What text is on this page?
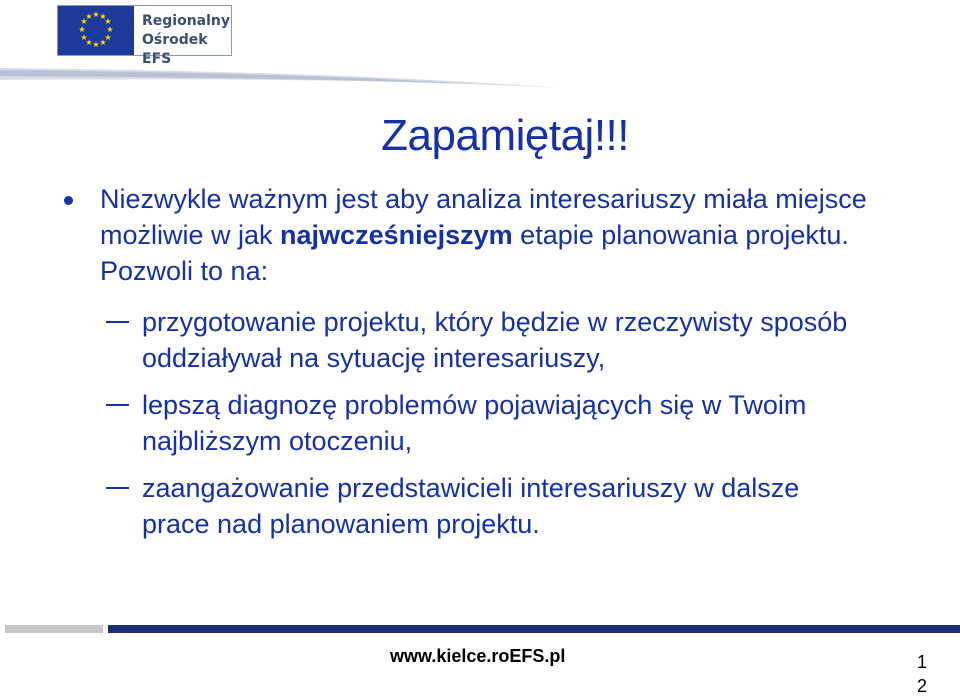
★ ★
★
★
★
★
★
★
★
★
★
★	Regionalny
Ośrodek EFS
Zapamiętaj!!!
Niezwykle ważnym jest aby analiza interesariuszy miała miejsce możliwie w jak najwcześniejszym etapie planowania projektu. Pozwoli to na:
przygotowanie projektu, który będzie w rzeczywisty sposób oddziaływał na sytuację interesariuszy,
lepszą diagnozę problemów pojawiających się w Twoim najbliższym otoczeniu,
zaangażowanie przedstawicieli interesariuszy w dalsze prace nad planowaniem projektu.
www.kielce.roEFS.pl	12
